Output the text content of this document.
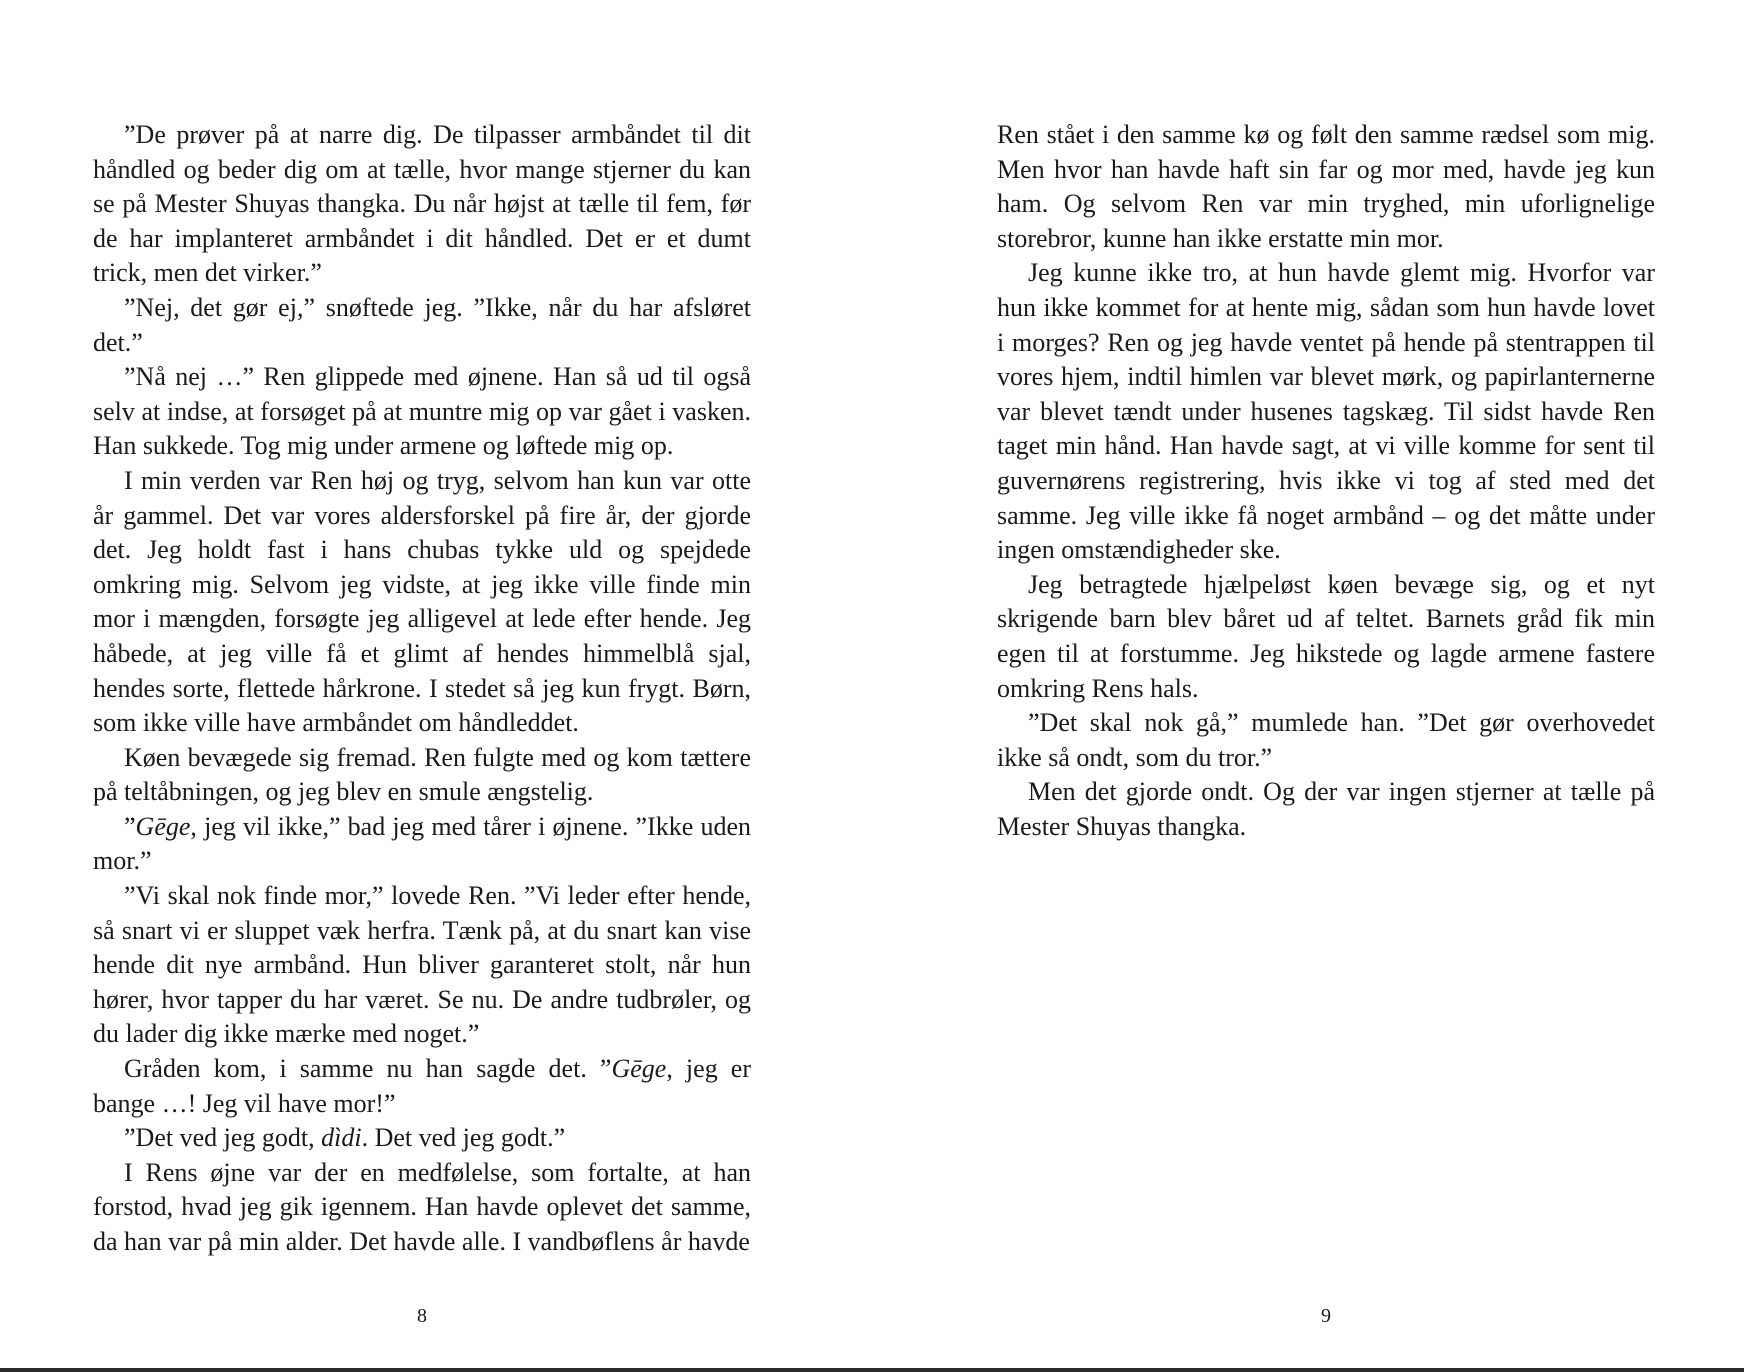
”De prøver på at narre dig. De tilpasser armbåndet til dit håndled og beder dig om at tælle, hvor mange stjerner du kan se på Mester Shuyas thangka. Du når højst at tælle til fem, før de har implanteret armbåndet i dit håndled. Det er et dumt trick, men det virker.”

”Nej, det gør ej,” snøftede jeg. ”Ikke, når du har afsløret det.”

”Nå nej …” Ren glippede med øjnene. Han så ud til også selv at indse, at forsøget på at muntre mig op var gået i vasken. Han sukkede. Tog mig under armene og løftede mig op.

I min verden var Ren høj og tryg, selvom han kun var otte år gammel. Det var vores aldersforskel på fire år, der gjorde det. Jeg holdt fast i hans chubas tykke uld og spejdede omkring mig. Selvom jeg vidste, at jeg ikke ville finde min mor i mængden, forsøgte jeg alligevel at lede efter hende. Jeg håbede, at jeg ville få et glimt af hendes himmelblå sjal, hendes sorte, flettede hårkrone. I stedet så jeg kun frygt. Børn, som ikke ville have armbåndet om håndleddet.

Køen bevægede sig fremad. Ren fulgte med og kom tættere på teltåbningen, og jeg blev en smule ængstelig.

”Gēge, jeg vil ikke,” bad jeg med tårer i øjnene. ”Ikke uden mor.”

”Vi skal nok finde mor,” lovede Ren. ”Vi leder efter hende, så snart vi er sluppet væk herfra. Tænk på, at du snart kan vise hende dit nye armbånd. Hun bliver garanteret stolt, når hun hører, hvor tapper du har været. Se nu. De andre tudbrøler, og du lader dig ikke mærke med noget.”

Gråden kom, i samme nu han sagde det. ”Gēge, jeg er bange …! Jeg vil have mor!”

”Det ved jeg godt, dìdi. Det ved jeg godt.”

I Rens øjne var der en medfølelse, som fortalte, at han forstod, hvad jeg gik igennem. Han havde oplevet det samme, da han var på min alder. Det havde alle. I vandbøflens år havde

8

Ren stået i den samme kø og følt den samme rædsel som mig. Men hvor han havde haft sin far og mor med, havde jeg kun ham. Og selvom Ren var min tryghed, min uforlignelige storebror, kunne han ikke erstatte min mor.

Jeg kunne ikke tro, at hun havde glemt mig. Hvorfor var hun ikke kommet for at hente mig, sådan som hun havde lovet i morges? Ren og jeg havde ventet på hende på stentrappen til vores hjem, indtil himlen var blevet mørk, og papirlanternerne var blevet tændt under husenes tagskæg. Til sidst havde Ren taget min hånd. Han havde sagt, at vi ville komme for sent til guvernørens registrering, hvis ikke vi tog af sted med det samme. Jeg ville ikke få noget armbånd – og det måtte under ingen omstændigheder ske.

Jeg betragtede hjælpeløst køen bevæge sig, og et nyt skrigende barn blev båret ud af teltet. Barnets gråd fik min egen til at forstumme. Jeg hikstede og lagde armene fastere omkring Rens hals.

”Det skal nok gå,” mumlede han. ”Det gør overhovedet ikke så ondt, som du tror.”

Men det gjorde ondt. Og der var ingen stjerner at tælle på Mester Shuyas thangka.

9
